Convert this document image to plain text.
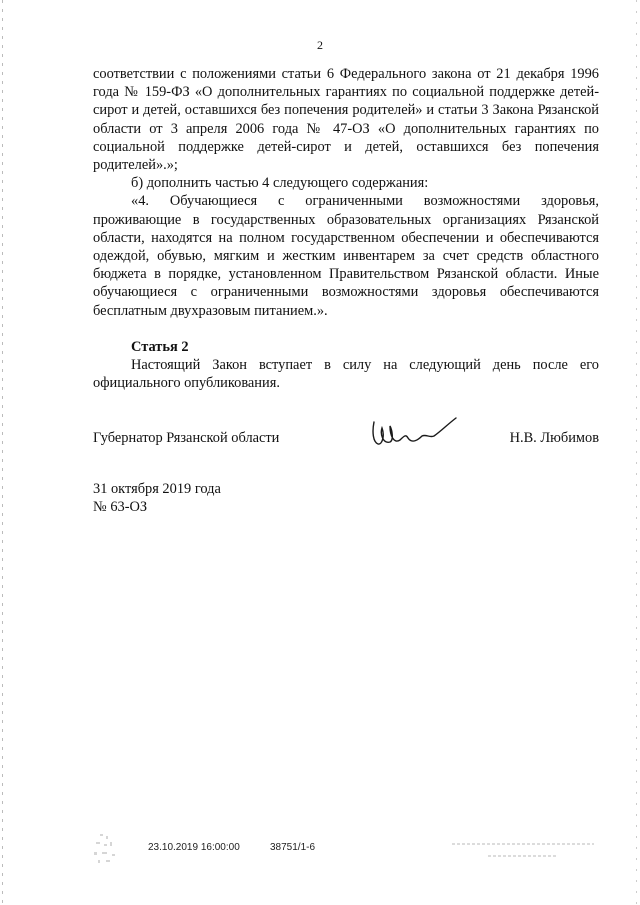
2

соответствии с положениями статьи 6 Федерального закона от 21 декабря 1996 года № 159-ФЗ «О дополнительных гарантиях по социальной поддержке детей-сирот и детей, оставшихся без попечения родителей» и статьи 3 Закона Рязанской области от 3 апреля 2006 года № 47-ОЗ «О дополнительных гарантиях по социальной поддержке детей-сирот и детей, оставшихся без попечения родителей».»;

б) дополнить частью 4 следующего содержания:

«4. Обучающиеся с ограниченными возможностями здоровья, проживающие в государственных образовательных организациях Рязанской области, находятся на полном государственном обеспечении и обеспечиваются одеждой, обувью, мягким и жестким инвентарем за счет средств областного бюджета в порядке, установленном Правительством Рязанской области. Иные обучающиеся с ограниченными возможностями здоровья обеспечиваются бесплатным двухразовым питанием.».

Статья 2

Настоящий Закон вступает в силу на следующий день после его официального опубликования.

Губернатор Рязанской области	Н.В. Любимов
31 октября 2019 года
№ 63-ОЗ
23.10.2019 16:00:00	38751/1-6
